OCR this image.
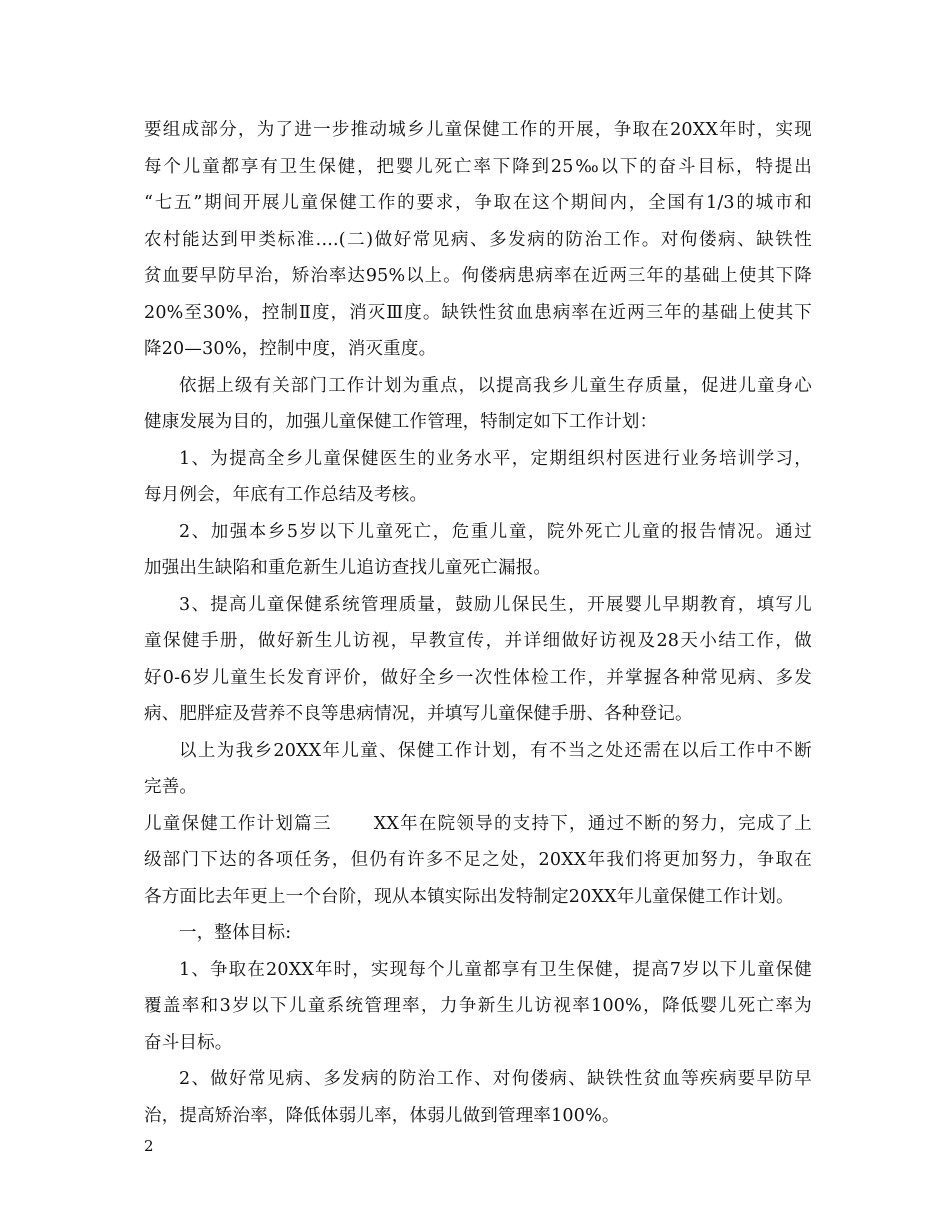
要组成部分，为了进一步推动城乡儿童保健工作的开展，争取在20XX年时，实现
每个儿童都享有卫生保健，把婴儿死亡率下降到25‰以下的奋斗目标，特提出
“七五”期间开展儿童保健工作的要求，争取在这个期间内，全国有1/3的城市和
农村能达到甲类标准....(二)做好常见病、多发病的防治工作。对佝偻病、缺铁性
贫血要早防早治，矫治率达95%以上。佝偻病患病率在近两三年的基础上使其下降
20%至30%，控制Ⅱ度，消灭Ⅲ度。缺铁性贫血患病率在近两三年的基础上使其下
降20—30%，控制中度，消灭重度。
依据上级有关部门工作计划为重点，以提高我乡儿童生存质量，促进儿童身心
健康发展为目的，加强儿童保健工作管理，特制定如下工作计划：
1、为提高全乡儿童保健医生的业务水平，定期组织村医进行业务培训学习，
每月例会，年底有工作总结及考核。
2、加强本乡5岁以下儿童死亡，危重儿童，院外死亡儿童的报告情况。通过
加强出生缺陷和重危新生儿追访查找儿童死亡漏报。
3、提高儿童保健系统管理质量，鼓励儿保民生，开展婴儿早期教育，填写儿
童保健手册，做好新生儿访视，早教宣传，并详细做好访视及28天小结工作，做
好0-6岁儿童生长发育评价，做好全乡一次性体检工作，并掌握各种常见病、多发
病、肥胖症及营养不良等患病情况，并填写儿童保健手册、各种登记。
以上为我乡20XX年儿童、保健工作计划，有不当之处还需在以后工作中不断
完善。
儿童保健工作计划篇三 XX年在院领导的支持下，通过不断的努力，完成了上
级部门下达的各项任务，但仍有许多不足之处，20XX年我们将更加努力，争取在
各方面比去年更上一个台阶，现从本镇实际出发特制定20XX年儿童保健工作计划。
一，整体目标:
1、争取在20XX年时，实现每个儿童都享有卫生保健，提高7岁以下儿童保健
覆盖率和3岁以下儿童系统管理率，力争新生儿访视率100%，降低婴儿死亡率为
奋斗目标。
2、做好常见病、多发病的防治工作、对佝偻病、缺铁性贫血等疾病要早防早
治，提高矫治率，降低体弱儿率，体弱儿做到管理率100%。
2
